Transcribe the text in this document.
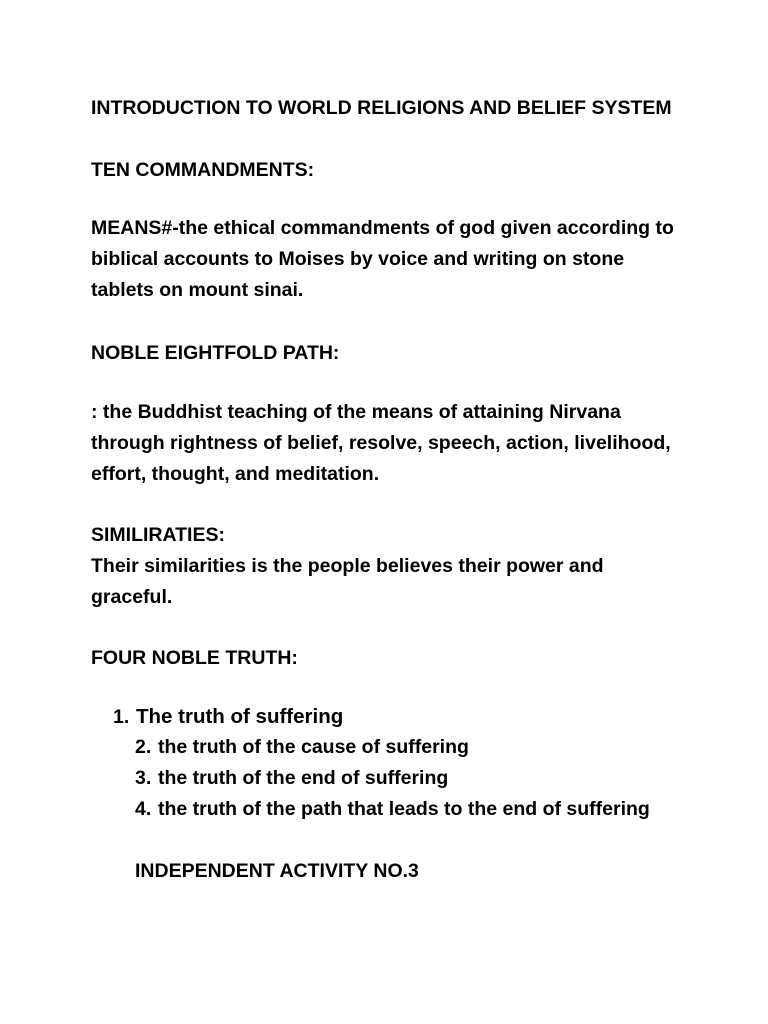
INTRODUCTION TO WORLD RELIGIONS AND BELIEF SYSTEM

TEN COMMANDMENTS:

MEANS#-the ethical commandments of god given according to
biblical accounts to Moises by voice and writing on stone
tablets on mount sinai.

NOBLE EIGHTFOLD PATH:

: the Buddhist teaching of the means of attaining Nirvana
through rightness of belief, resolve, speech, action, livelihood,
effort, thought, and meditation.

SIMILIRATIES:
Their similarities is the people believes their power and
graceful.

FOUR NOBLE TRUTH:

1. The truth of suffering
2. the truth of the cause of suffering
3. the truth of the end of suffering
4. the truth of the path that leads to the end of suffering

INDEPENDENT ACTIVITY NO.3
